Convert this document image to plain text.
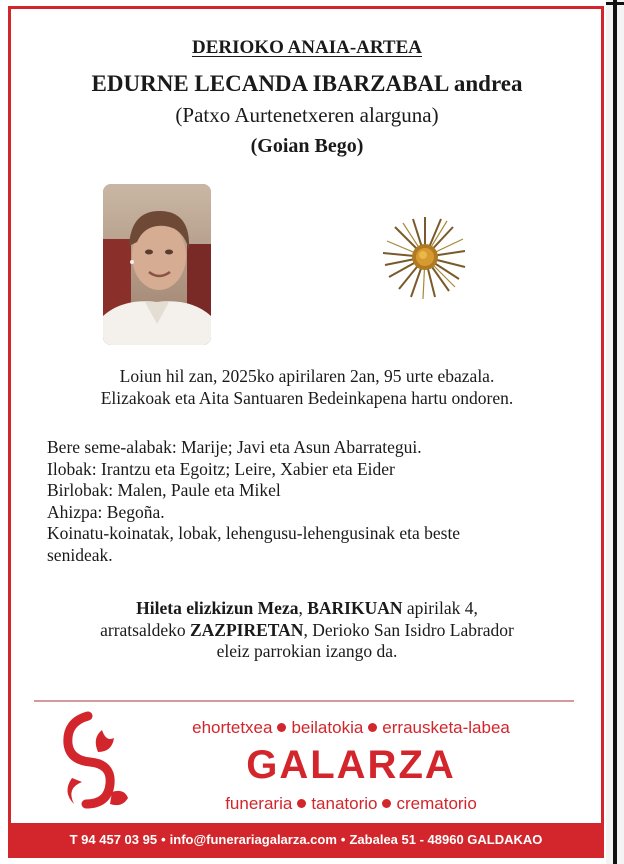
DERIOKO ANAIA-ARTEA
EDURNE LECANDA IBARZABAL andrea
(Patxo Aurtenetxeren alarguna)
(Goian Bego)

Loiun hil zan, 2025ko apirilaren 2an, 95 urte ebazala.

Elizakoak eta Aita Santuaren Bedeinkapena hartu ondoren.

Bere seme-alabak: Marije; Javi eta Asun Abarrategui.

Ilobak: Irantzu eta Egoitz; Leire, Xabier eta Eider

Birlobak: Malen, Paule eta Mikel

Ahizpa: Begoña.

Koinatu-koinatak, lobak, lehengusu-lehengusinak eta beste

senideak.

Hileta elizkizun Meza, BARIKUAN apirilak 4,

arratsaldeko ZAZPIRETAN, Derioko San Isidro Labrador

eleiz parrokian izango da.

ehortetxea beilatokia errausketa-labea
GALARZA
funeraria tanatorio crematorio
T 94 457 03 95 • info@funerariagalarza.com • Zabalea 51 - 48960 GALDAKAO
